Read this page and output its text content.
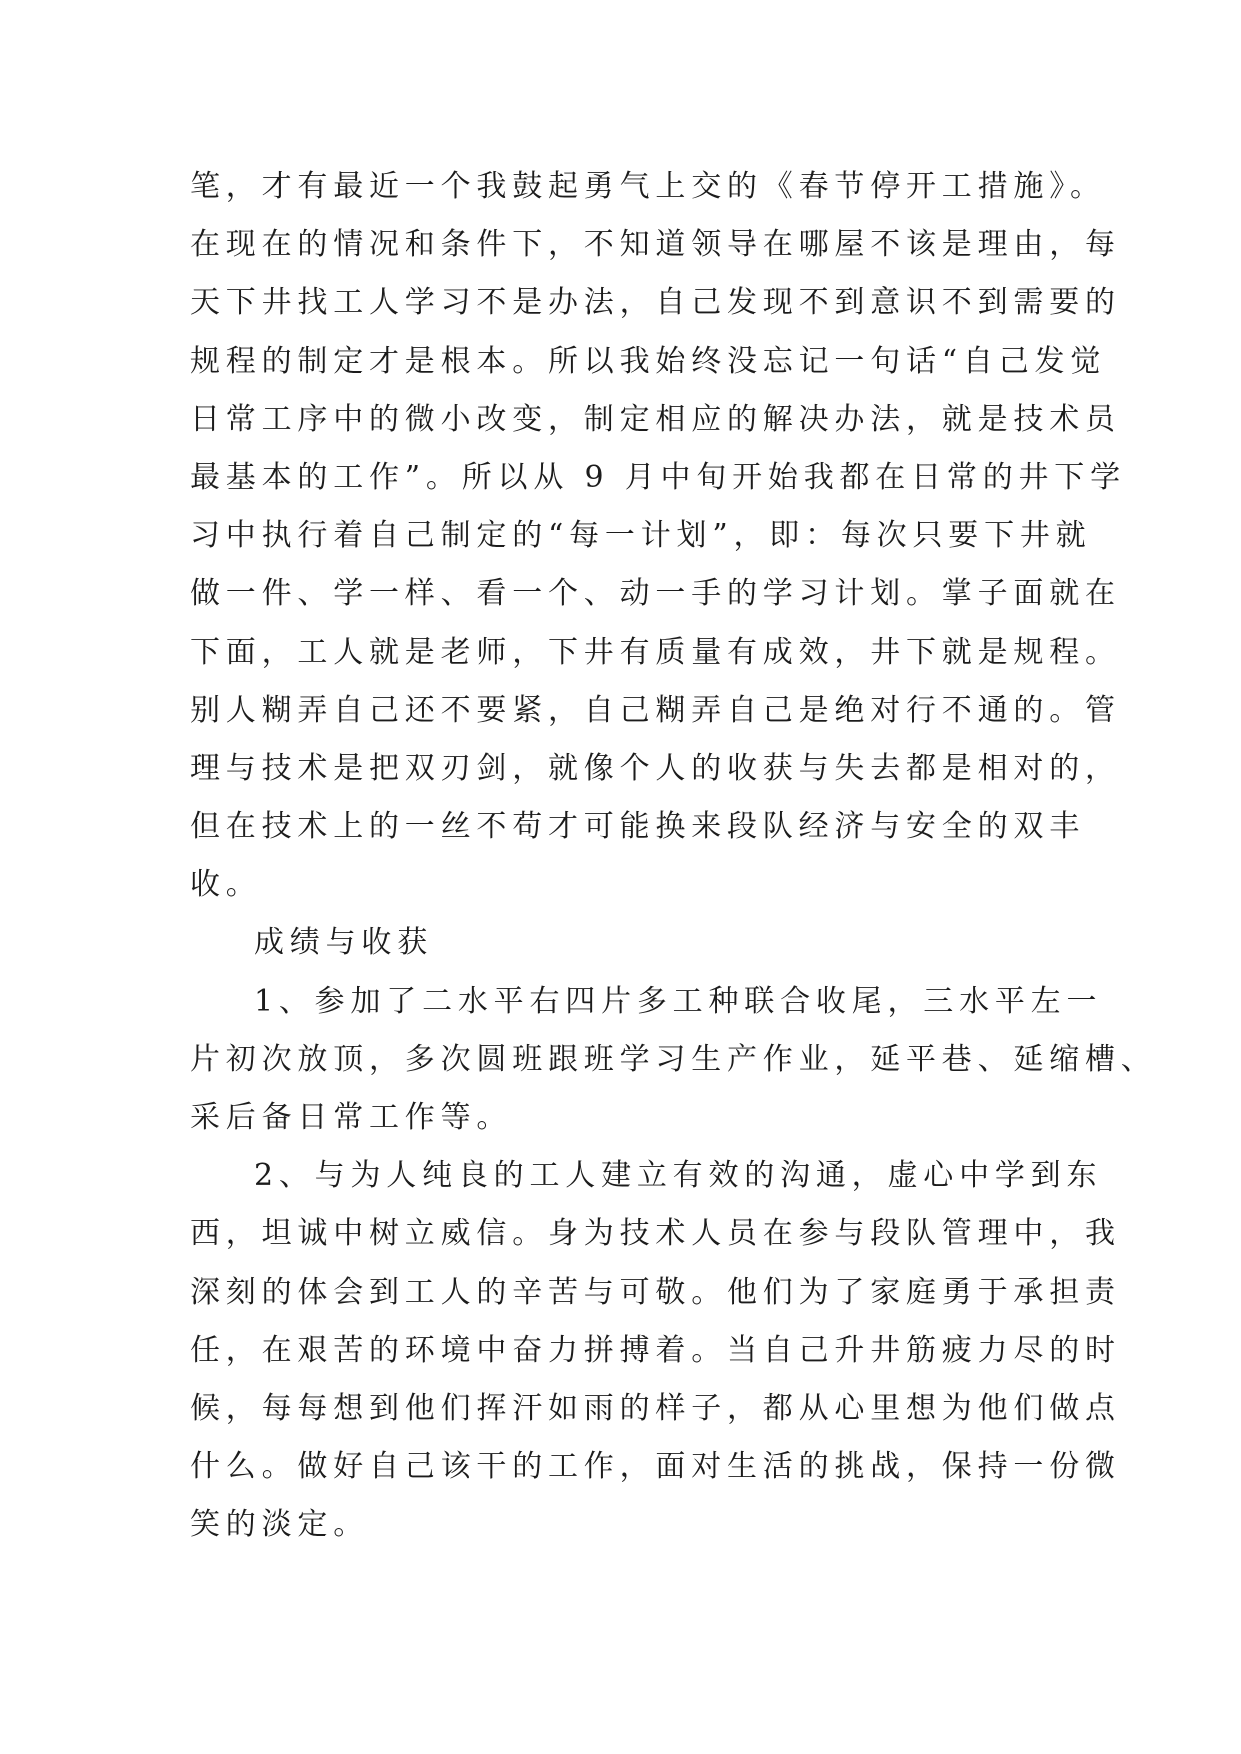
笔，才有最近一个我鼓起勇气上交的《春节停开工措施》。
在现在的情况和条件下，不知道领导在哪屋不该是理由，每
天下井找工人学习不是办法，自己发现不到意识不到需要的
规程的制定才是根本。所以我始终没忘记一句话“自己发觉
日常工序中的微小改变，制定相应的解决办法，就是技术员
最基本的工作”。所以从 9 月中旬开始我都在日常的井下学
习中执行着自己制定的“每一计划”，即：每次只要下井就
做一件、学一样、看一个、动一手的学习计划。掌子面就在
下面，工人就是老师，下井有质量有成效，井下就是规程。
别人糊弄自己还不要紧，自己糊弄自己是绝对行不通的。管
理与技术是把双刃剑，就像个人的收获与失去都是相对的，
但在技术上的一丝不苟才可能换来段队经济与安全的双丰
收。
成绩与收获
1、参加了二水平右四片多工种联合收尾，三水平左一
片初次放顶，多次圆班跟班学习生产作业，延平巷、延缩槽、
采后备日常工作等。
2、与为人纯良的工人建立有效的沟通，虚心中学到东
西，坦诚中树立威信。身为技术人员在参与段队管理中，我
深刻的体会到工人的辛苦与可敬。他们为了家庭勇于承担责
任，在艰苦的环境中奋力拼搏着。当自己升井筋疲力尽的时
候，每每想到他们挥汗如雨的样子，都从心里想为他们做点
什么。做好自己该干的工作，面对生活的挑战，保持一份微
笑的淡定。
